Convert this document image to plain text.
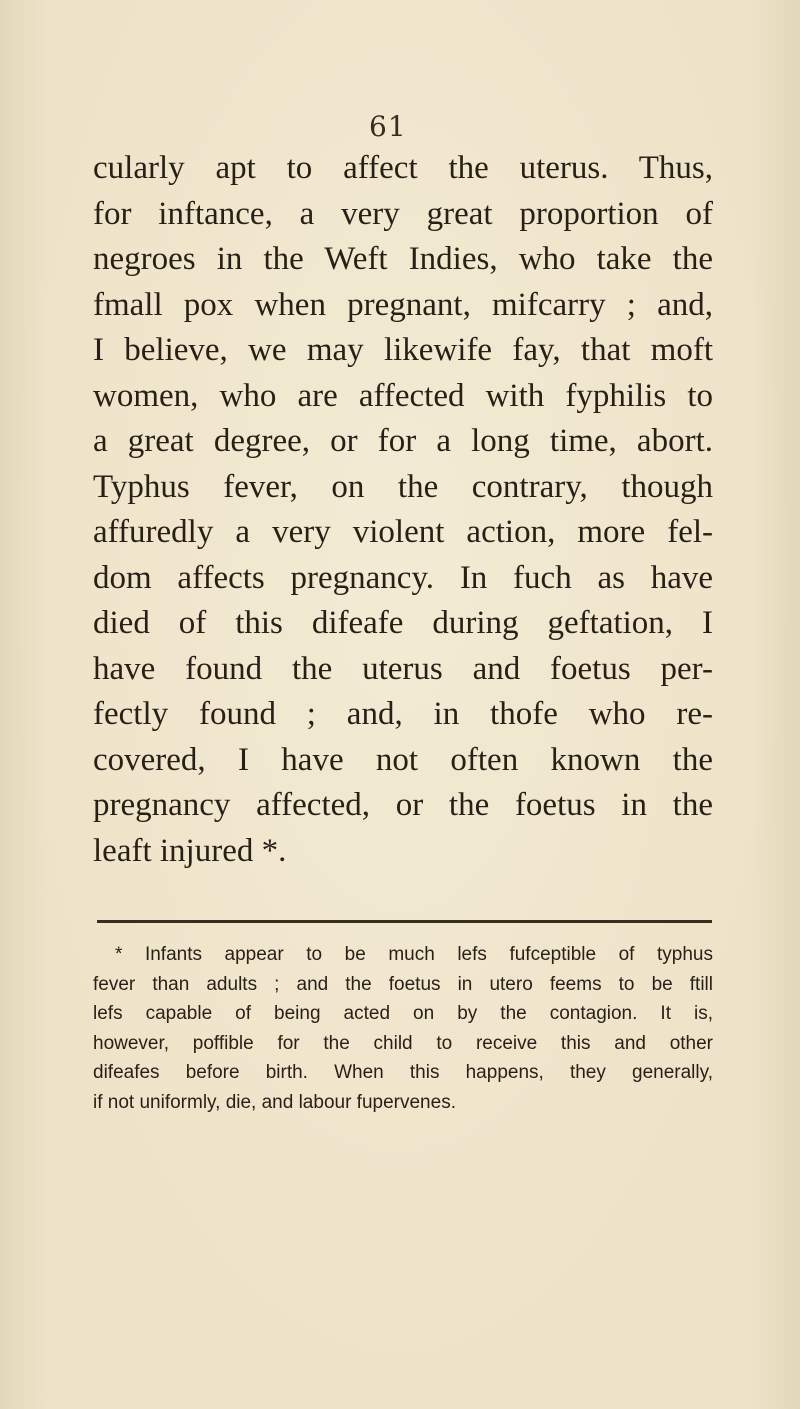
61
cularly apt to affect the uterus. Thus,
for inftance, a very great proportion of
negroes in the Weft Indies, who take the
fmall pox when pregnant, mifcarry ; and,
I believe, we may likewife fay, that moft
women, who are affected with fyphilis to
a great degree, or for a long time, abort.
Typhus fever, on the contrary, though
affuredly a very violent action, more fel-
dom affects pregnancy. In fuch as have
died of this difeafe during geftation, I
have found the uterus and foetus per-
fectly found ; and, in thofe who re-
covered, I have not often known the
pregnancy affected, or the foetus in the
leaft injured *.
* Infants appear to be much lefs fufceptible of typhus
fever than adults ; and the foetus in utero feems to be ftill
lefs capable of being acted on by the contagion. It is,
however, poffible for the child to receive this and other
difeafes before birth. When this happens, they generally,
if not uniformly, die, and labour fupervenes.
